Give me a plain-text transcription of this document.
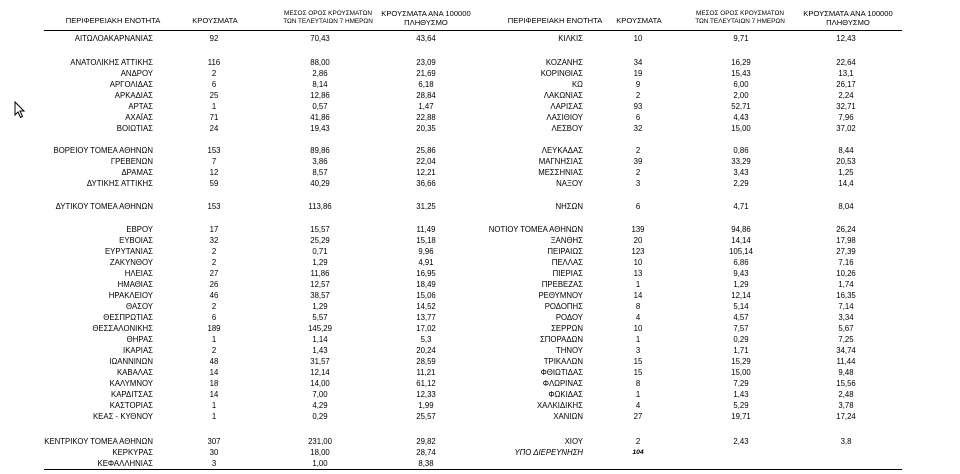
ΠΕΡΙΦΕΡΕΙΑΚΗ ΕΝΟΤΗΤΑ	ΚΡΟΥΣΜΑΤΑ
ΜΕΣΟΣ ΟΡΟΣ ΚΡΟΥΣΜΑΤΩΝ
ΤΩΝ ΤΕΛΕΥΤΑΙΩΝ 7 ΗΜΕΡΩΝ
ΚΡΟΥΣΜΑΤΑ ΑΝΑ 100000
ΠΛΗΘΥΣΜΟ	ΠΕΡΙΦΕΡΕΙΑΚΗ ΕΝΟΤΗΤΑ	ΚΡΟΥΣΜΑΤΑ
ΜΕΣΟΣ ΟΡΟΣ ΚΡΟΥΣΜΑΤΩΝ
ΤΩΝ ΤΕΛΕΥΤΑΙΩΝ 7 ΗΜΕΡΩΝ
ΚΡΟΥΣΜΑΤΑ ΑΝΑ 100000
ΠΛΗΘΥΣΜΟ
ΑΙΤΩΛΟΑΚΑΡΝΑΝΙΑΣ	92	70,43	43,64
ΑΝΑΤΟΛΙΚΗΣ ΑΤΤΙΚΗΣ	116	88,00	23,09
ΑΝΔΡΟΥ	2	2,86	21,69
ΑΡΓΟΛΙΔΑΣ	6	8,14	6,18
ΑΡΚΑΔΙΑΣ	25	12,86	28,84
ΑΡΤΑΣ	1	0,57	1,47
ΑΧΑΪΑΣ	71	41,86	22,88
ΒΟΙΩΤΙΑΣ	24	19,43	20,35
ΒΟΡΕΙΟΥ ΤΟΜΕΑ ΑΘΗΝΩΝ	153	89,86	25,86
ΓΡΕΒΕΝΩΝ	7	3,86	22,04
ΔΡΑΜΑΣ	12	8,57	12,21
ΔΥΤΙΚΗΣ ΑΤΤΙΚΗΣ	59	40,29	36,66
ΔΥΤΙΚΟΥ ΤΟΜΕΑ ΑΘΗΝΩΝ	153	113,86	31,25
ΕΒΡΟΥ	17	15,57	11,49
ΕΥΒΟΙΑΣ	32	25,29	15,18
ΕΥΡΥΤΑΝΙΑΣ	2	0,71	9,96
ΖΑΚΥΝΘΟΥ	2	1,29	4,91
ΗΛΕΙΑΣ	27	11,86	16,95
ΗΜΑΘΙΑΣ	26	12,57	18,49
ΗΡΑΚΛΕΙΟΥ	46	38,57	15,06
ΘΑΣΟΥ	2	1,29	14,52
ΘΕΣΠΡΩΤΙΑΣ	6	5,57	13,77
ΘΕΣΣΑΛΟΝΙΚΗΣ	189	145,29	17,02
ΘΗΡΑΣ	1	1,14	5,3
ΙΚΑΡΙΑΣ	2	1,43	20,24
ΙΩΑΝΝΙΝΩΝ	48	31,57	28,59
ΚΑΒΑΛΑΣ	14	12,14	11,21
ΚΑΛΥΜΝΟΥ	18	14,00	61,12
ΚΑΡΔΙΤΣΑΣ	14	7,00	12,33
ΚΑΣΤΟΡΙΑΣ	1	4,29	1,99
ΚΕΑΣ - ΚΥΘΝΟΥ	1	0,29	25,57
ΚΕΝΤΡΙΚΟΥ ΤΟΜΕΑ ΑΘΗΝΩΝ	307	231,00	29,82
ΚΕΡΚΥΡΑΣ	30	18,00	28,74
ΚΕΦΑΛΛΗΝΙΑΣ	3	1,00	8,38
ΚΙΛΚΙΣ	10	9,71	12,43
ΚΟΖΑΝΗΣ	34	16,29	22,64
ΚΟΡΙΝΘΙΑΣ	19	15,43	13,1
ΚΩ	9	6,00	26,17
ΛΑΚΩΝΙΑΣ	2	2,00	2,24
ΛΑΡΙΣΑΣ	93	52,71	32,71
ΛΑΣΙΘΙΟΥ	6	4,43	7,96
ΛΕΣΒΟΥ	32	15,00	37,02
ΛΕΥΚΑΔΑΣ	2	0,86	8,44
ΜΑΓΝΗΣΙΑΣ	39	33,29	20,53
ΜΕΣΣΗΝΙΑΣ	2	3,43	1,25
ΝΑΞΟΥ	3	2,29	14,4
ΝΗΣΩΝ	6	4,71	8,04
ΝΟΤΙΟΥ ΤΟΜΕΑ ΑΘΗΝΩΝ	139	94,86	26,24
ΞΑΝΘΗΣ	20	14,14	17,98
ΠΕΙΡΑΙΩΣ	123	105,14	27,39
ΠΕΛΛΑΣ	10	6,86	7,16
ΠΙΕΡΙΑΣ	13	9,43	10,26
ΠΡΕΒΕΖΑΣ	1	1,29	1,74
ΡΕΘΥΜΝΟΥ	14	12,14	16,35
ΡΟΔΟΠΗΣ	8	5,14	7,14
ΡΟΔΟΥ	4	4,57	3,34
ΣΕΡΡΩΝ	10	7,57	5,67
ΣΠΟΡΑΔΩΝ	1	0,29	7,25
ΤΗΝΟΥ	3	1,71	34,74
ΤΡΙΚΑΛΩΝ	15	15,29	11,44
ΦΘΙΩΤΙΔΑΣ	15	15,00	9,48
ΦΛΩΡΙΝΑΣ	8	7,29	15,56
ΦΩΚΙΔΑΣ	1	1,43	2,48
ΧΑΛΚΙΔΙΚΗΣ	4	5,29	3,78
ΧΑΝΙΩΝ	27	19,71	17,24
ΧΙΟΥ	2	2,43	3,8
ΥΠΟ ΔΙΕΡΕΥΝΗΣΗ	104
